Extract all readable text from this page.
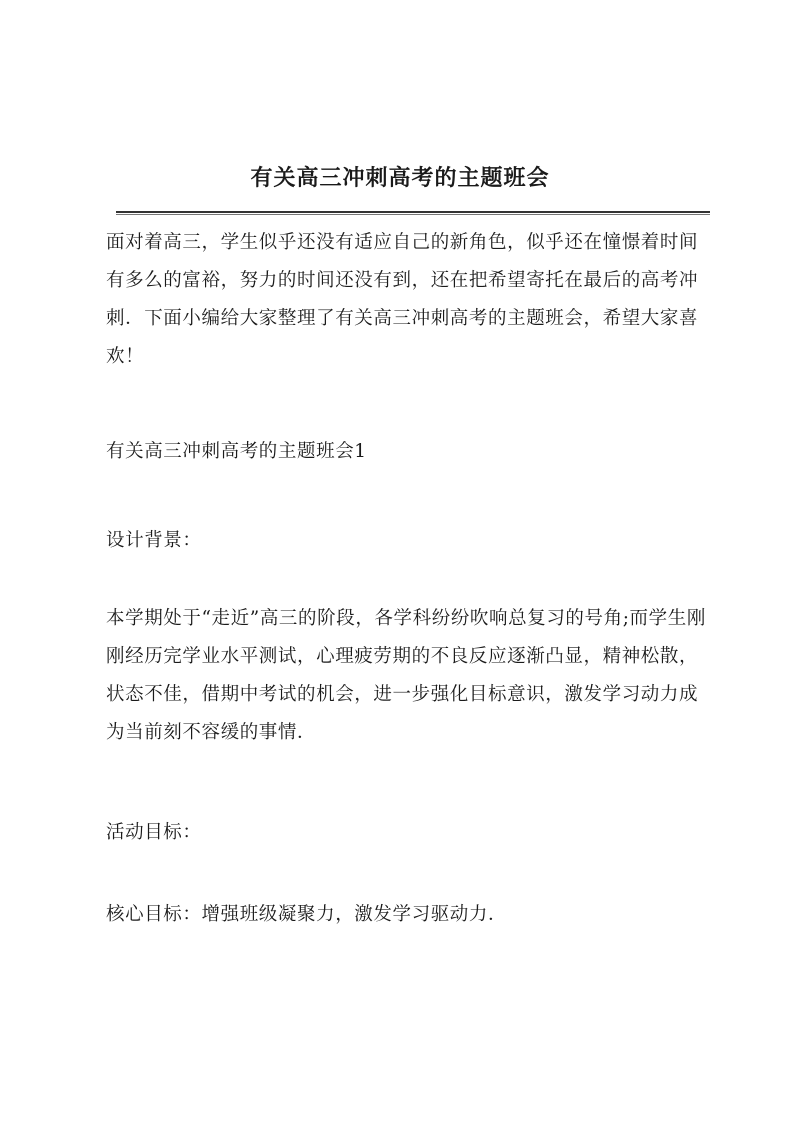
有关高三冲刺高考的主题班会

面对着高三，学生似乎还没有适应自己的新角色，似乎还在憧憬着时间有多么的富裕，努力的时间还没有到，还在把希望寄托在最后的高考冲刺．下面小编给大家整理了有关高三冲刺高考的主题班会，希望大家喜欢！

有关高三冲刺高考的主题班会1

设计背景：

本学期处于“走近”高三的阶段，各学科纷纷吹响总复习的号角;而学生刚刚经历完学业水平测试，心理疲劳期的不良反应逐渐凸显，精神松散，状态不佳，借期中考试的机会，进一步强化目标意识，激发学习动力成为当前刻不容缓的事情．

活动目标：

核心目标：增强班级凝聚力，激发学习驱动力．
